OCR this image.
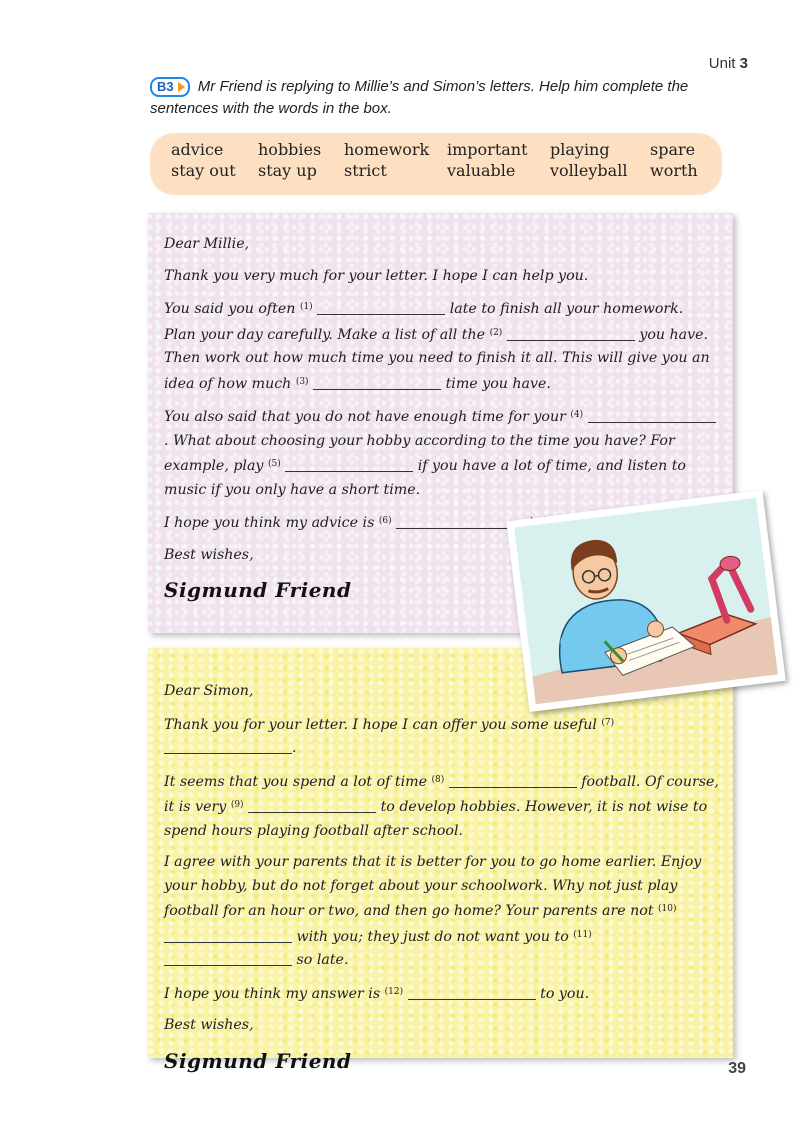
Unit 3
B3 Mr Friend is replying to Millie’s and Simon’s letters. Help him complete the sentences with the words in the box.
advice	hobbies	homework	important	playing	spare
stay out	stay up	strict	valuable	volleyball	worth

Dear Millie,

Thank you very much for your letter. I hope I can help you.

You said you often $^{(1)}$	late to finish all your homework. Plan your day carefully. Make a list of all the $^{(2)}$	you have. Then work out how much time you need to finish it all. This will give you an idea of how much $^{(3)}$	time you have.

You also said that you do not have enough time for your $^{(4)}$ . What about choosing your hobby according to the time you have? For example, play $^{(5)}$	if you have a lot of time, and listen to music if you only have a short time.

I hope you think my advice is $^{(6)}$

Best wishes,

Sigmund Friend

Dear Simon,

Thank you for your letter. I hope I can offer you some useful $^{(7)}$ .

It seems that you spend a lot of time $^{(8)}$	football. Of course, it is very $^{(9)}$	to develop hobbies. However, it is not wise to spend hours playing football after school.

I agree with your parents that it is better for you to go home earlier. Enjoy your hobby, but do not forget about your schoolwork. Why not just play football for an hour or two, and then go home? Your parents are not $^{(10)}$  with you; they just do not want you to $^{(11)}$  so late.

I hope you think my answer is $^{(12)}$	to you.

Best wishes,

Sigmund Friend	39
